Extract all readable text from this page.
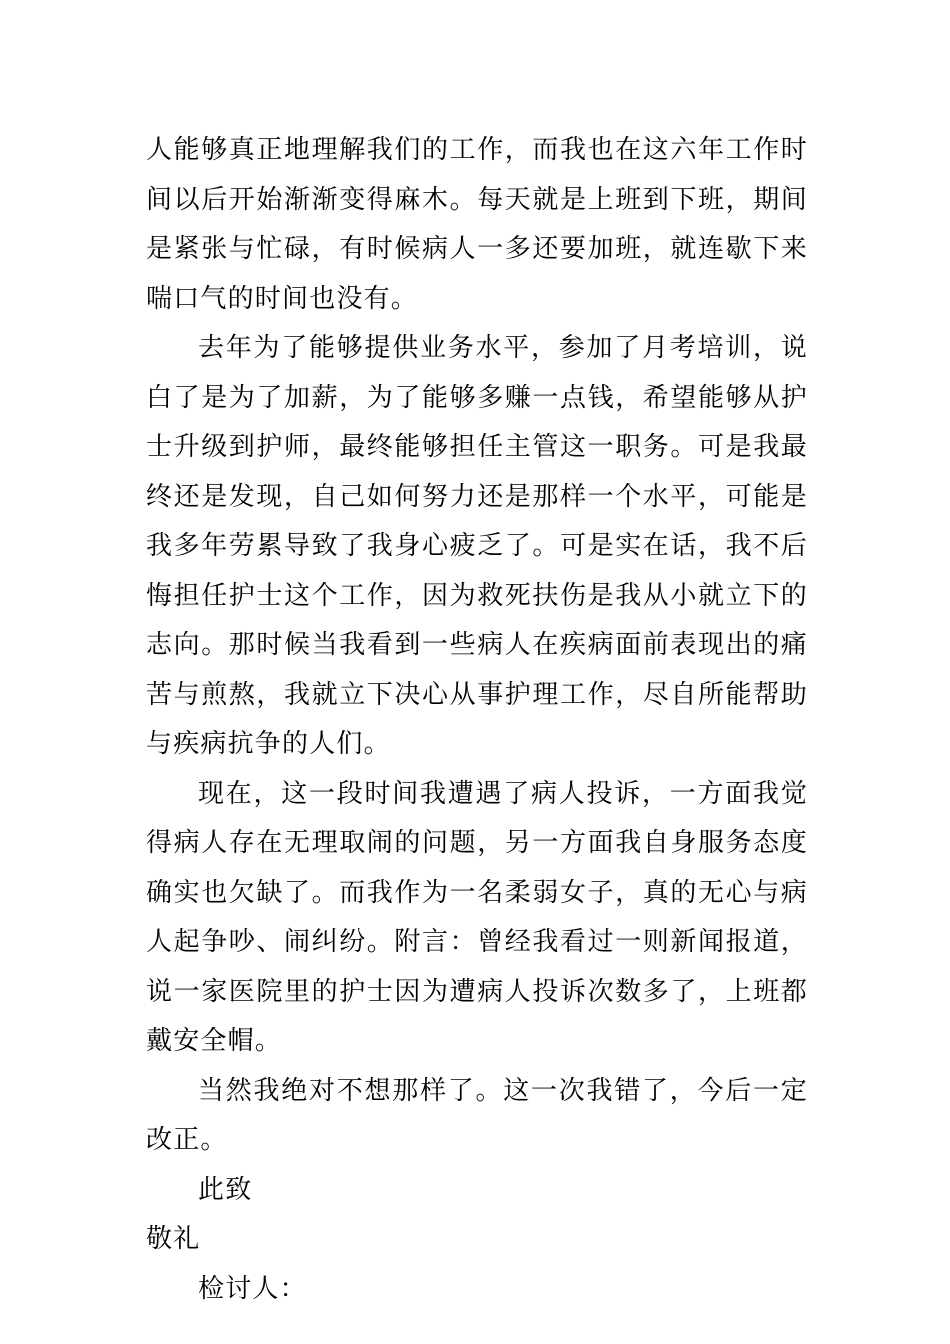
人能够真正地理解我们的工作，而我也在这六年工作时间以后开始渐渐变得麻木。每天就是上班到下班，期间是紧张与忙碌，有时候病人一多还要加班，就连歇下来喘口气的时间也没有。

去年为了能够提供业务水平，参加了月考培训，说白了是为了加薪，为了能够多赚一点钱，希望能够从护士升级到护师，最终能够担任主管这一职务。可是我最终还是发现，自己如何努力还是那样一个水平，可能是我多年劳累导致了我身心疲乏了。可是实在话，我不后悔担任护士这个工作，因为救死扶伤是我从小就立下的志向。那时候当我看到一些病人在疾病面前表现出的痛苦与煎熬，我就立下决心从事护理工作，尽自所能帮助与疾病抗争的人们。

现在，这一段时间我遭遇了病人投诉，一方面我觉得病人存在无理取闹的问题，另一方面我自身服务态度确实也欠缺了。而我作为一名柔弱女子，真的无心与病人起争吵、闹纠纷。附言：曾经我看过一则新闻报道，说一家医院里的护士因为遭病人投诉次数多了，上班都戴安全帽。

当然我绝对不想那样了。这一次我错了，今后一定改正。

此致

敬礼

检讨人：
